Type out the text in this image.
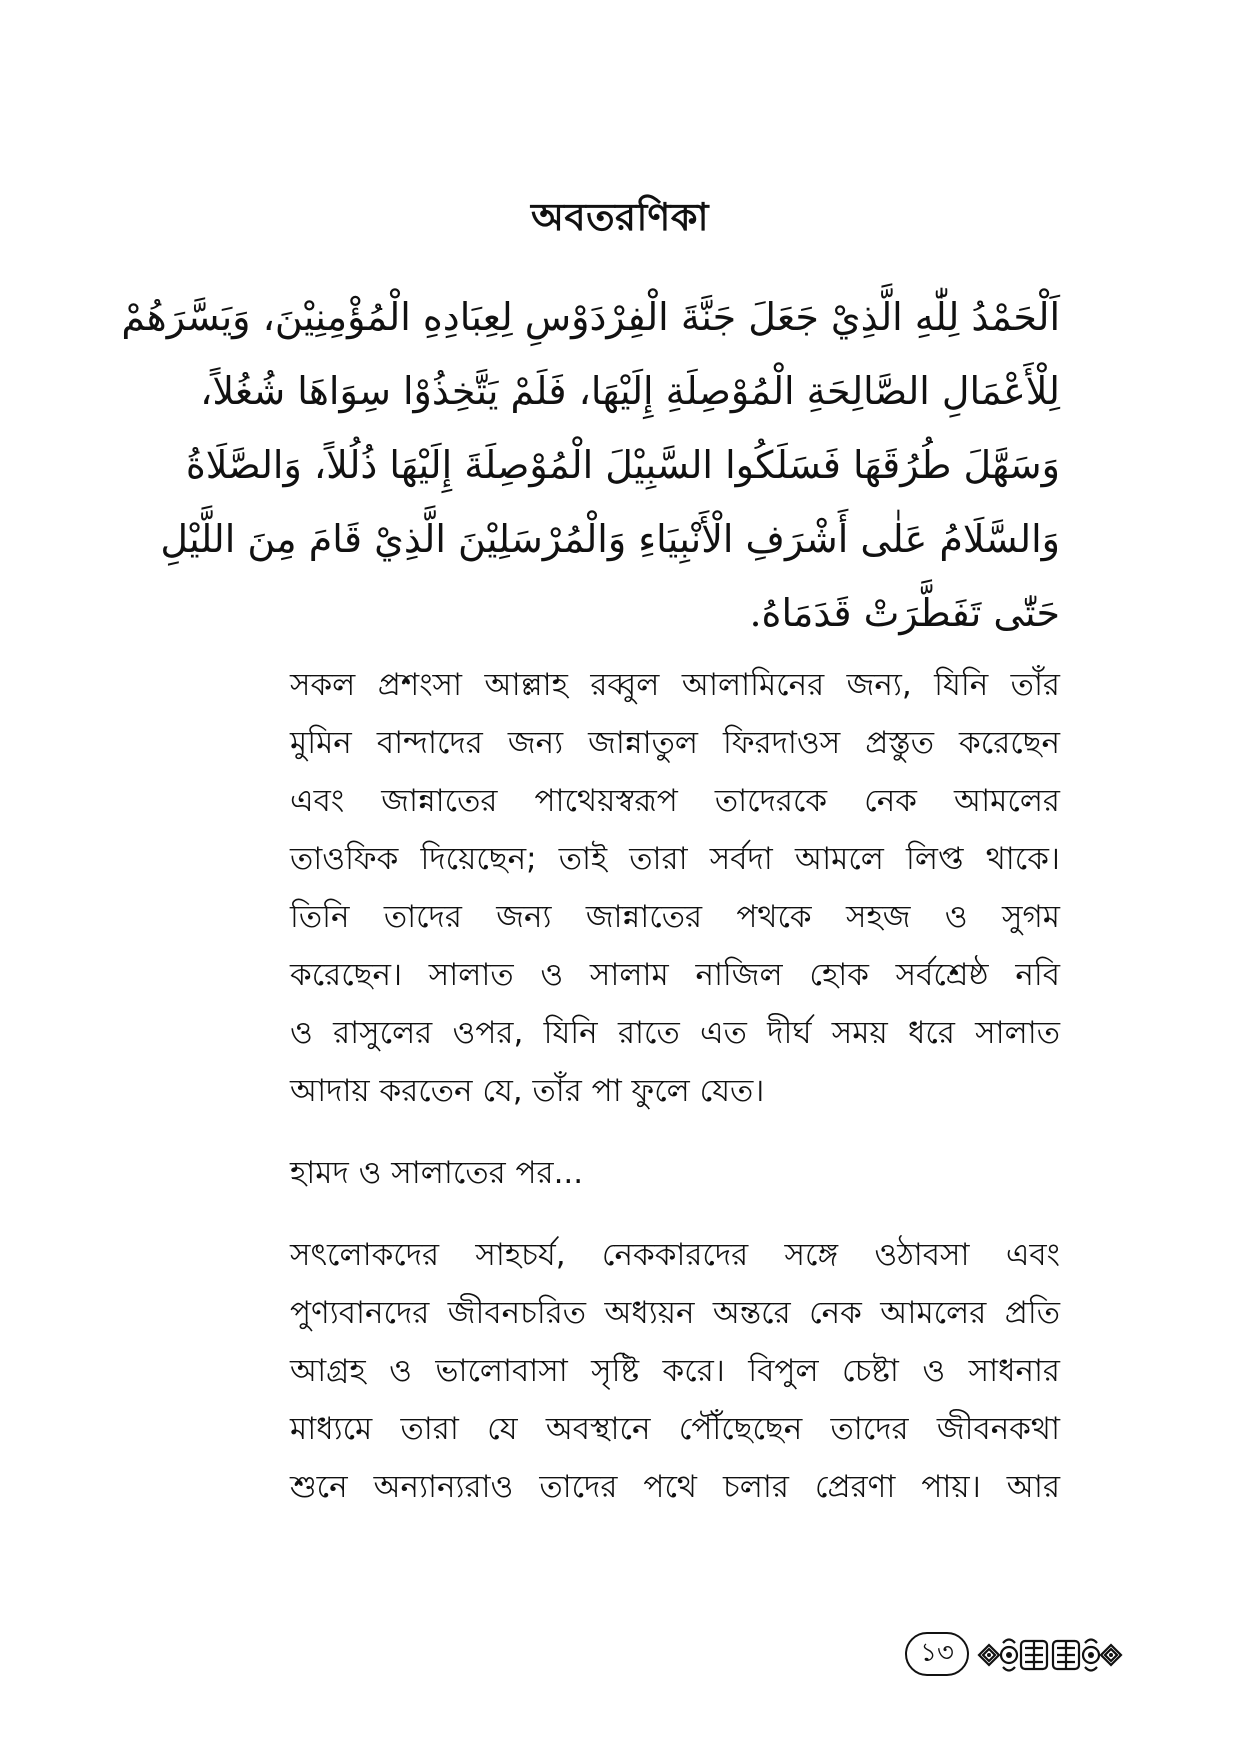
অবতরণিকা
اَلْحَمْدُ لِلّٰهِ الَّذِيْ جَعَلَ جَنَّةَ الْفِرْدَوْسِ لِعِبَادِهِ الْمُؤْمِنِيْنَ، وَيَسَّرَهُمْ
لِلْأَعْمَالِ الصَّالِحَةِ الْمُوْصِلَةِ إِلَيْهَا، فَلَمْ يَتَّخِذُوْا سِوَاهَا شُغُلاً،
وَسَهَّلَ طُرُقَهَا فَسَلَكُوا السَّبِيْلَ الْمُوْصِلَةَ إِلَيْهَا ذُلُلاً، وَالصَّلَاةُ
وَالسَّلَامُ عَلٰى أَشْرَفِ الْأَنْبِيَاءِ وَالْمُرْسَلِيْنَ الَّذِيْ قَامَ مِنَ اللَّيْلِ
حَتّٰى تَفَطَّرَتْ قَدَمَاهُ.
সকল প্রশংসা আল্লাহ রব্বুল আলামিনের জন্য, যিনি তাঁর
মুমিন বান্দাদের জন্য জান্নাতুল ফিরদাওস প্রস্তুত করেছেন
এবং জান্নাতের পাথেয়স্বরূপ তাদেরকে নেক আমলের
তাওফিক দিয়েছেন; তাই তারা সর্বদা আমলে লিপ্ত থাকে।
তিনি তাদের জন্য জান্নাতের পথকে সহজ ও সুগম
করেছেন। সালাত ও সালাম নাজিল হোক সর্বশ্রেষ্ঠ নবি
ও রাসুলের ওপর, যিনি রাতে এত দীর্ঘ সময় ধরে সালাত
আদায় করতেন যে, তাঁর পা ফুলে যেত।
হামদ ও সালাতের পর...
সৎলোকদের সাহচর্য, নেককারদের সঙ্গে ওঠাবসা এবং
পুণ্যবানদের জীবনচরিত অধ্যয়ন অন্তরে নেক আমলের প্রতি
আগ্রহ ও ভালোবাসা সৃষ্টি করে। বিপুল চেষ্টা ও সাধনার
মাধ্যমে তারা যে অবস্থানে পৌঁছেছেন তাদের জীবনকথা
শুনে অন্যান্যরাও তাদের পথে চলার প্রেরণা পায়। আর
১৩
